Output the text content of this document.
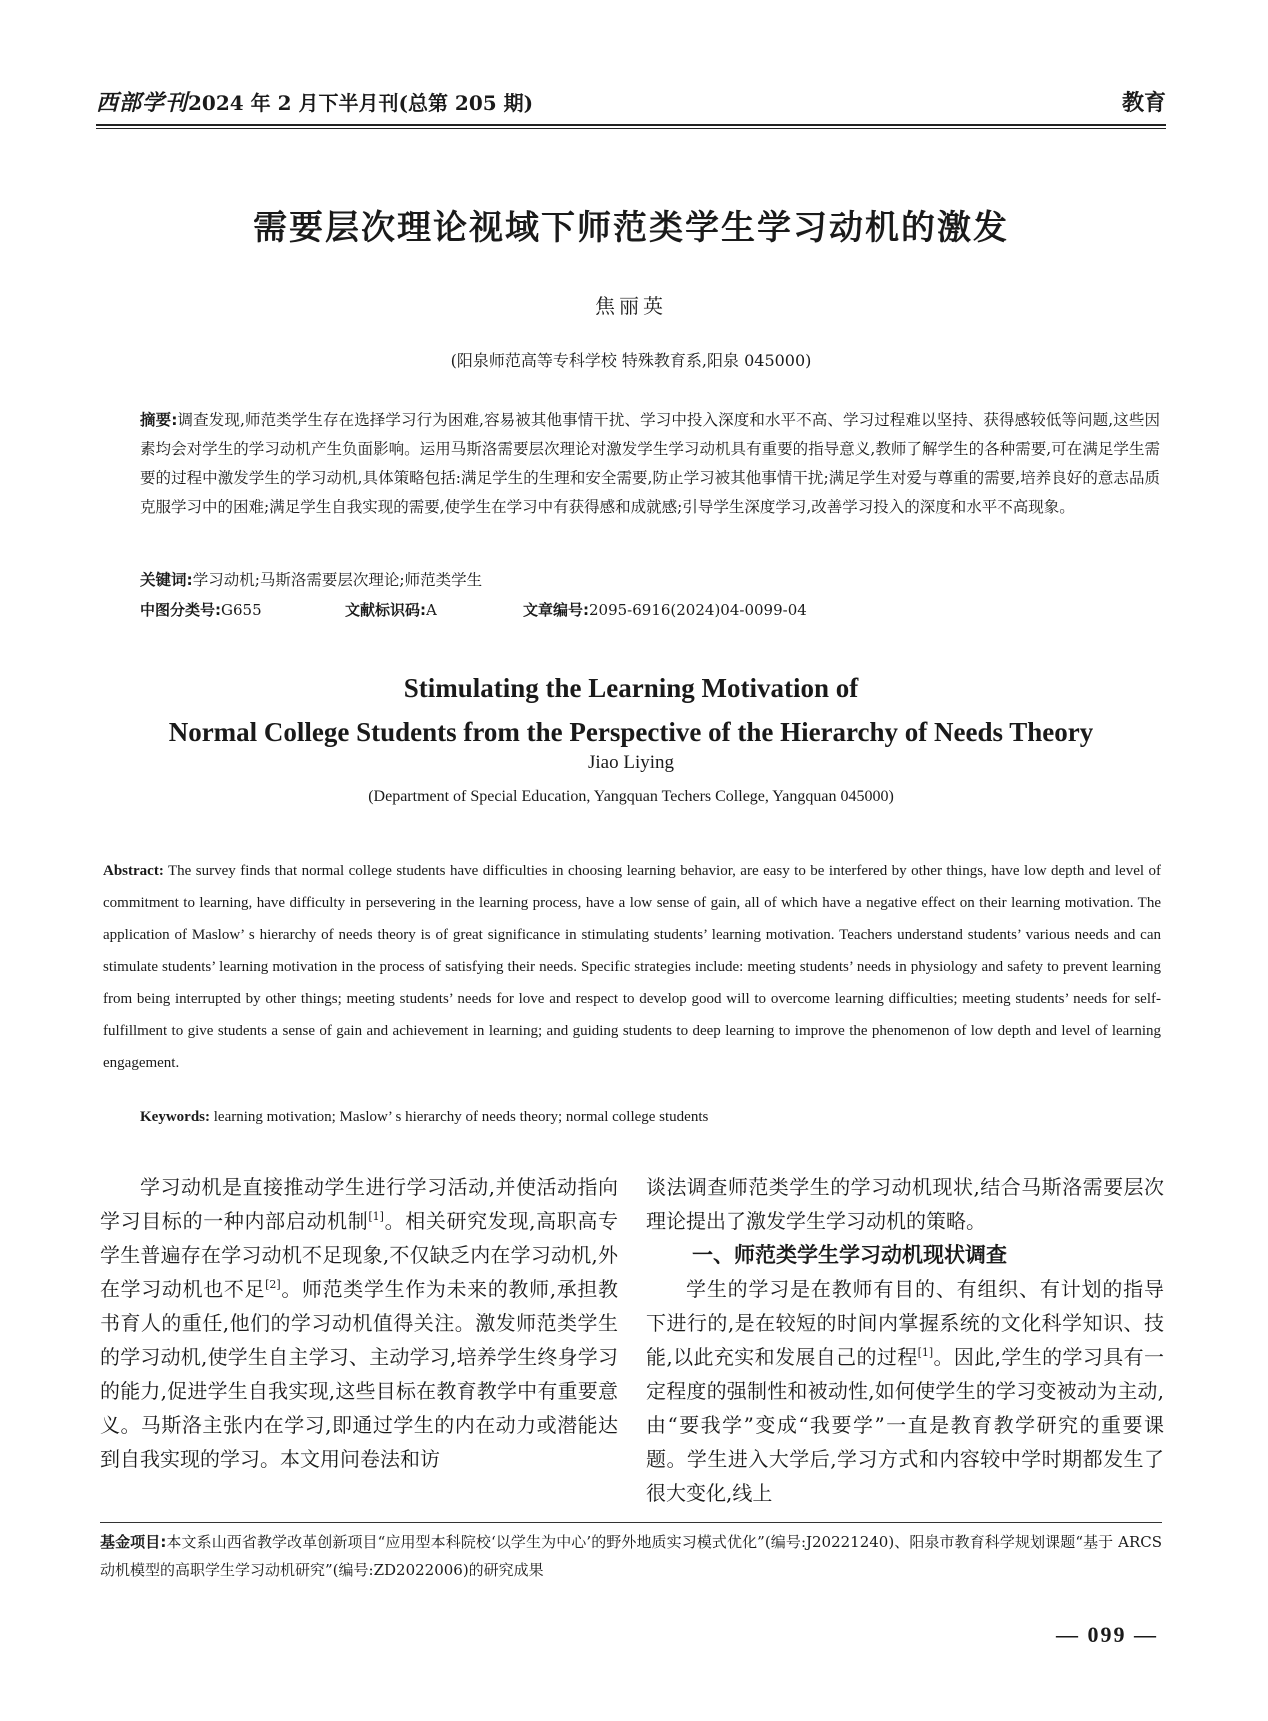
西部学刊2024 年 2 月下半月刊(总第 205 期)	教育
需要层次理论视域下师范类学生学习动机的激发
焦丽英
(阳泉师范高等专科学校 特殊教育系,阳泉 045000)
摘要:调查发现,师范类学生存在选择学习行为困难,容易被其他事情干扰、学习中投入深度和水平不高、学习过程难以坚持、获得感较低等问题,这些因素均会对学生的学习动机产生负面影响。运用马斯洛需要层次理论对激发学生学习动机具有重要的指导意义,教师了解学生的各种需要,可在满足学生需要的过程中激发学生的学习动机,具体策略包括:满足学生的生理和安全需要,防止学习被其他事情干扰;满足学生对爱与尊重的需要,培养良好的意志品质克服学习中的困难;满足学生自我实现的需要,使学生在学习中有获得感和成就感;引导学生深度学习,改善学习投入的深度和水平不高现象。
关键词:学习动机;马斯洛需要层次理论;师范类学生
中图分类号:G655	文献标识码:A	文章编号:2095-6916(2024)04-0099-04
Stimulating the Learning Motivation of
Normal College Students from the Perspective of the Hierarchy of Needs Theory
Jiao Liying
(Department of Special Education, Yangquan Techers College, Yangquan 045000)
Abstract: The survey finds that normal college students have difficulties in choosing learning behavior, are easy to be interfered by other things, have low depth and level of commitment to learning, have difficulty in persevering in the learning process, have a low sense of gain, all of which have a negative effect on their learning motivation. The application of Maslow’ s hierarchy of needs theory is of great significance in stimulating students’ learning motivation. Teachers understand students’ various needs and can stimulate students’ learning motivation in the process of satisfying their needs. Specific strategies include: meeting students’ needs in physiology and safety to prevent learning from being interrupted by other things; meeting students’ needs for love and respect to develop good will to overcome learning difficulties; meeting students’ needs for self-fulfillment to give students a sense of gain and achievement in learning; and guiding students to deep learning to improve the phenomenon of low depth and level of learning engagement.
Keywords: learning motivation; Maslow’ s hierarchy of needs theory; normal college students

学习动机是直接推动学生进行学习活动,并使活动指向学习目标的一种内部启动机制[1]。相关研究发现,高职高专学生普遍存在学习动机不足现象,不仅缺乏内在学习动机,外在学习动机也不足[2]。师范类学生作为未来的教师,承担教书育人的重任,他们的学习动机值得关注。激发师范类学生的学习动机,使学生自主学习、主动学习,培养学生终身学习的能力,促进学生自我实现,这些目标在教育教学中有重要意义。马斯洛主张内在学习,即通过学生的内在动力或潜能达到自我实现的学习。本文用问卷法和访

谈法调查师范类学生的学习动机现状,结合马斯洛需要层次理论提出了激发学生学习动机的策略。

一、师范类学生学习动机现状调查

学生的学习是在教师有目的、有组织、有计划的指导下进行的,是在较短的时间内掌握系统的文化科学知识、技能,以此充实和发展自己的过程[1]。因此,学生的学习具有一定程度的强制性和被动性,如何使学生的学习变被动为主动,由“要我学”变成“我要学”一直是教育教学研究的重要课题。学生进入大学后,学习方式和内容较中学时期都发生了很大变化,线上

基金项目:本文系山西省教学改革创新项目“应用型本科院校‘以学生为中心’的野外地质实习模式优化”(编号:J20221240)、阳泉市教育科学规划课题“基于 ARCS 动机模型的高职学生学习动机研究”(编号:ZD2022006)的研究成果
— 099 —
